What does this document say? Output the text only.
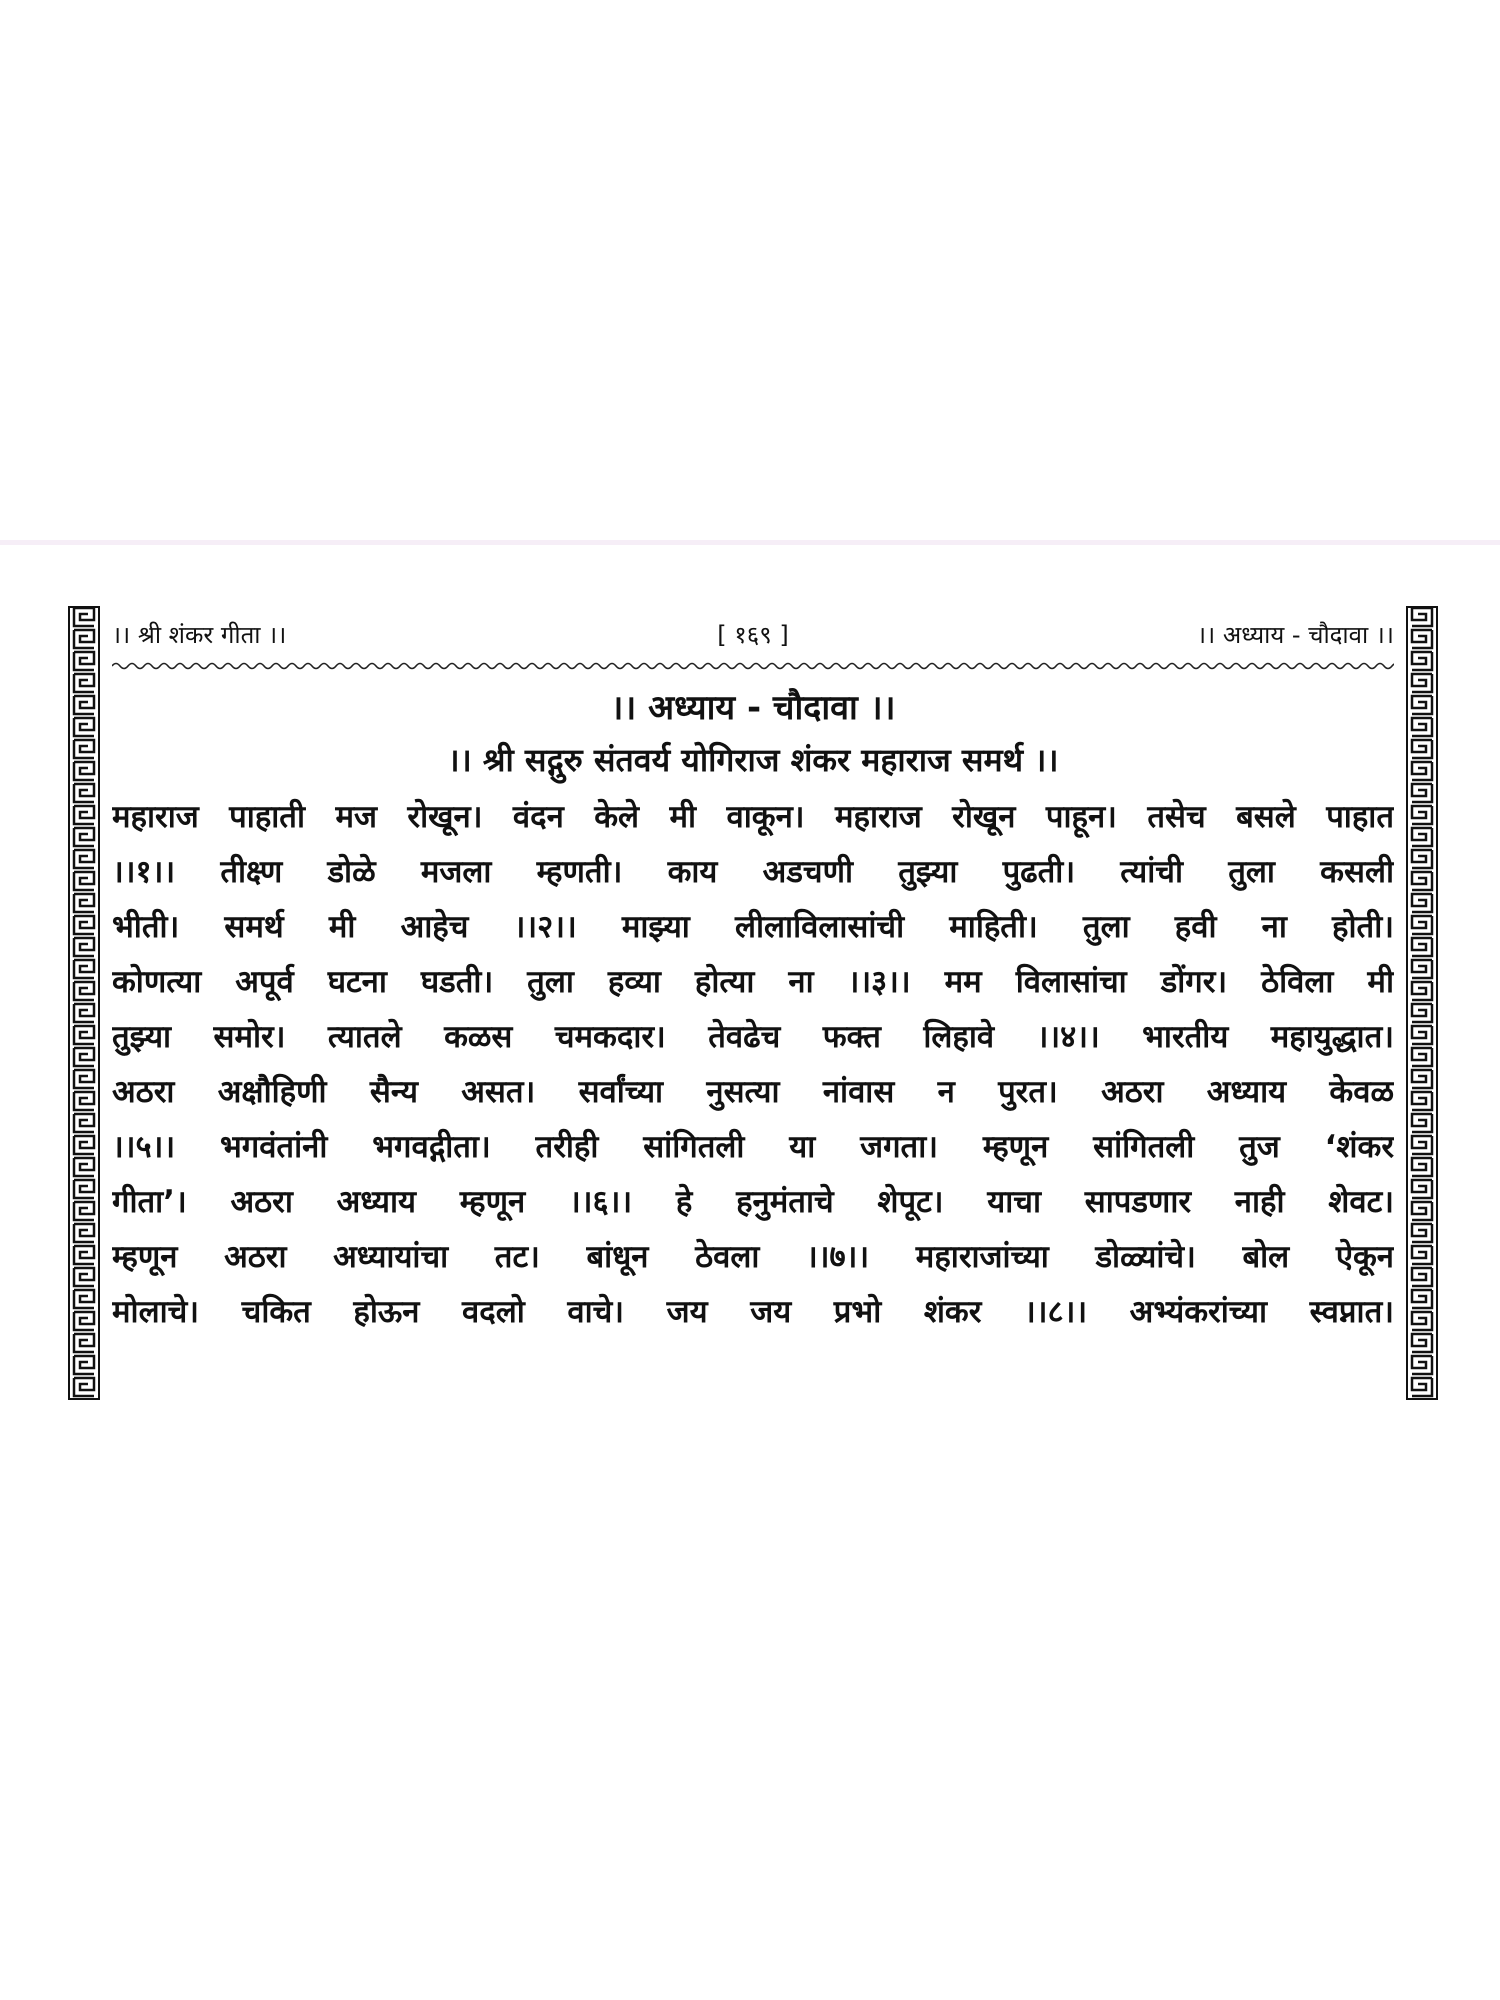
।। श्री शंकर गीता ।।	[ १६९ ]	।। अध्याय - चौदावा ।।
।। अध्याय - चौदावा ।।
।। श्री सद्गुरु संतवर्य योगिराज शंकर महाराज समर्थ ।।
महाराज पाहाती मज रोखून। वंदन केले मी वाकून। महाराज रोखून पाहून। तसेच बसले पाहात
।।१।। तीक्ष्ण डोळे मजला म्हणती। काय अडचणी तुझ्या पुढती। त्यांची तुला कसली
भीती। समर्थ मी आहेच ।।२।। माझ्या लीलाविलासांची माहिती। तुला हवी ना होती।
कोणत्या अपूर्व घटना घडती। तुला हव्या होत्या ना ।।३।। मम विलासांचा डोंगर। ठेविला मी
तुझ्या समोर। त्यातले कळस चमकदार। तेवढेच फक्त लिहावे ।।४।। भारतीय महायुद्धात।
अठरा अक्षौहिणी सैन्य असत। सर्वांच्या नुसत्या नांवास न पुरत। अठरा अध्याय केवळ
।।५।। भगवंतांनी भगवद्गीता। तरीही सांगितली या जगता। म्हणून सांगितली तुज ‘शंकर
गीता’। अठरा अध्याय म्हणून ।।६।। हे हनुमंताचे शेपूट। याचा सापडणार नाही शेवट।
म्हणून अठरा अध्यायांचा तट। बांधून ठेवला ।।७।। महाराजांच्या डोळ्यांचे। बोल ऐकून
मोलाचे। चकित होऊन वदलो वाचे। जय जय प्रभो शंकर ।।८।। अभ्यंकरांच्या स्वप्नात।
